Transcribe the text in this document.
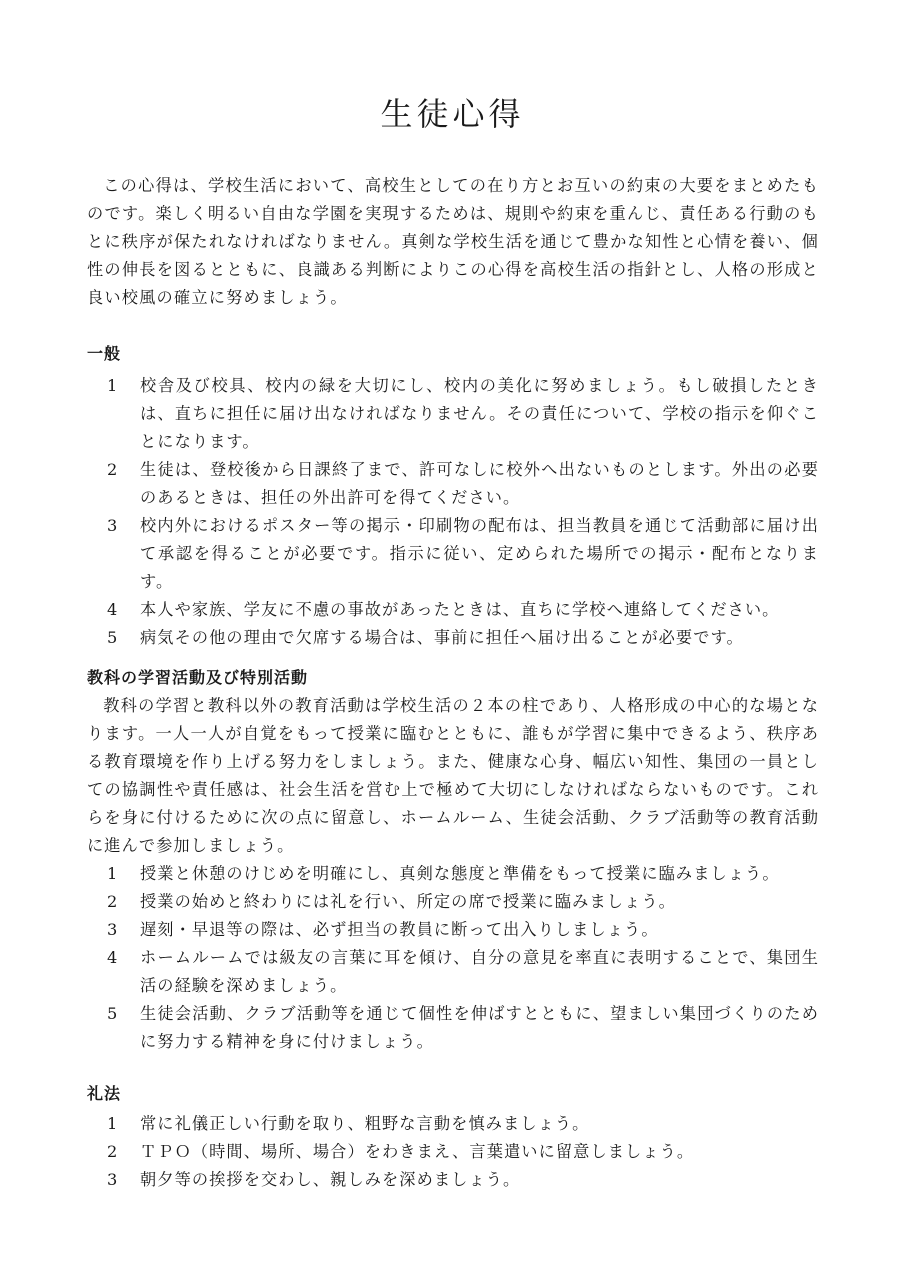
生徒心得

この心得は、学校生活において、高校生としての在り方とお互いの約束の大要をまとめたものです。楽しく明るい自由な学園を実現するためは、規則や約束を重んじ、責任ある行動のもとに秩序が保たれなければなりません。真剣な学校生活を通じて豊かな知性と心情を養い、個性の伸長を図るとともに、良識ある判断によりこの心得を高校生活の指針とし、人格の形成と良い校風の確立に努めましょう。

一般
1	校舎及び校具、校内の緑を大切にし、校内の美化に努めましょう。もし破損したときは、直ちに担任に届け出なければなりません。その責任について、学校の指示を仰ぐことになります。
2	生徒は、登校後から日課終了まで、許可なしに校外へ出ないものとします。外出の必要のあるときは、担任の外出許可を得てください。
3	校内外におけるポスター等の掲示・印刷物の配布は、担当教員を通じて活動部に届け出て承認を得ることが必要です。指示に従い、定められた場所での掲示・配布となります。
4	本人や家族、学友に不慮の事故があったときは、直ちに学校へ連絡してください。
5	病気その他の理由で欠席する場合は、事前に担任へ届け出ることが必要です。
教科の学習活動及び特別活動

教科の学習と教科以外の教育活動は学校生活の２本の柱であり、人格形成の中心的な場となります。一人一人が自覚をもって授業に臨むとともに、誰もが学習に集中できるよう、秩序ある教育環境を作り上げる努力をしましょう。また、健康な心身、幅広い知性、集団の一員としての協調性や責任感は、社会生活を営む上で極めて大切にしなければならないものです。これらを身に付けるために次の点に留意し、ホームルーム、生徒会活動、クラブ活動等の教育活動に進んで参加しましょう。

1	授業と休憩のけじめを明確にし、真剣な態度と準備をもって授業に臨みましょう。
2	授業の始めと終わりには礼を行い、所定の席で授業に臨みましょう。
3	遅刻・早退等の際は、必ず担当の教員に断って出入りしましょう。
4	ホームルームでは級友の言葉に耳を傾け、自分の意見を率直に表明することで、集団生活の経験を深めましょう。
5	生徒会活動、クラブ活動等を通じて個性を伸ばすとともに、望ましい集団づくりのために努力する精神を身に付けましょう。
礼法
1	常に礼儀正しい行動を取り、粗野な言動を慎みましょう。
2	ＴＰＯ（時間、場所、場合）をわきまえ、言葉遣いに留意しましょう。
3	朝夕等の挨拶を交わし、親しみを深めましょう。
